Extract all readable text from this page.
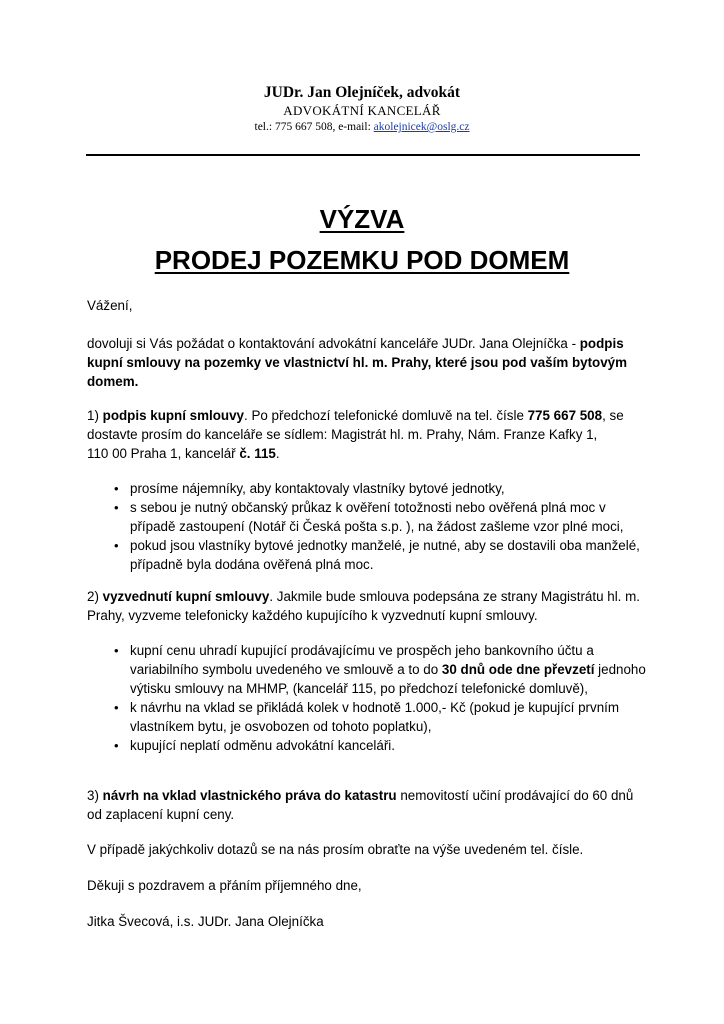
JUDr. Jan Olejníček, advokát
ADVOKÁTNÍ KANCELÁŘ
tel.: 775 667 508, e-mail: akolejnicek@oslg.cz
VÝZVA
PRODEJ POZEMKU POD DOMEM
Vážení,
dovoluji si Vás požádat o kontaktování advokátní kanceláře JUDr. Jana Olejníčka - podpis kupní smlouvy na pozemky ve vlastnictví hl. m. Prahy, které jsou pod vaším bytovým domem.
1) podpis kupní smlouvy. Po předchozí telefonické domluvě na tel. čísle 775 667 508, se dostavte prosím do kanceláře se sídlem: Magistrát hl. m. Prahy, Nám. Franze Kafky 1,
110 00 Praha 1, kancelář č. 115.
• prosíme nájemníky, aby kontaktovaly vlastníky bytové jednotky,
• s sebou je nutný občanský průkaz k ověření totožnosti nebo ověřená plná moc v případě zastoupení (Notář či Česká pošta s.p. ), na žádost zašleme vzor plné moci,
• pokud jsou vlastníky bytové jednotky manželé, je nutné, aby se dostavili oba manželé, případně byla dodána ověřená plná moc.
2) vyzvednutí kupní smlouvy. Jakmile bude smlouva podepsána ze strany Magistrátu hl. m. Prahy, vyzveme telefonicky každého kupujícího k vyzvednutí kupní smlouvy.
• kupní cenu uhradí kupující prodávajícímu ve prospěch jeho bankovního účtu a variabilního symbolu uvedeného ve smlouvě a to do 30 dnů ode dne převzetí jednoho výtisku smlouvy na MHMP, (kancelář 115, po předchozí telefonické domluvě),
• k návrhu na vklad se přikládá kolek v hodnotě 1.000,- Kč (pokud je kupující prvním vlastníkem bytu, je osvobozen od tohoto poplatku),
• kupující neplatí odměnu advokátní kanceláři.
3) návrh na vklad vlastnického práva do katastru nemovitostí učiní prodávající do 60 dnů od zaplacení kupní ceny.
V případě jakýchkoliv dotazů se na nás prosím obraťte na výše uvedeném tel. čísle.
Děkuji s pozdravem a přáním příjemného dne,
Jitka Švecová, i.s. JUDr. Jana Olejníčka
